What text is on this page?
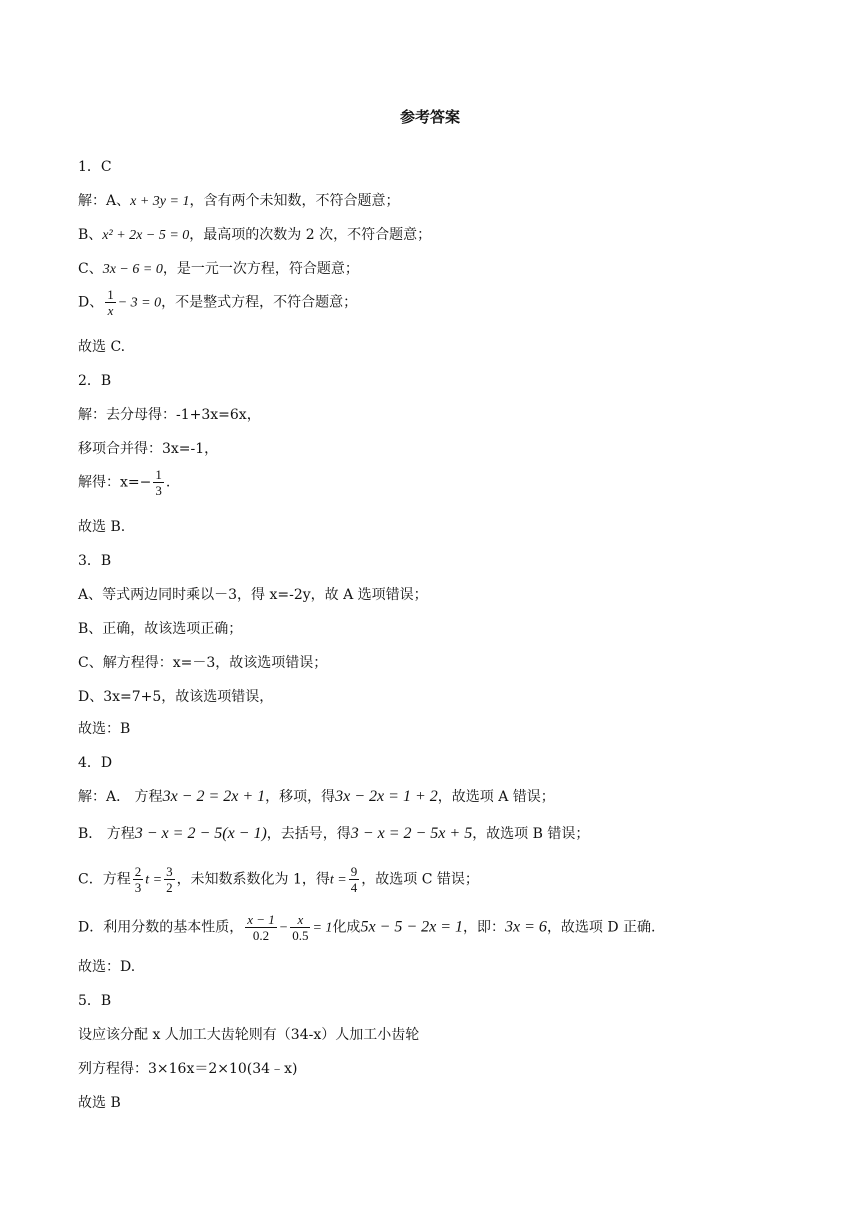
参考答案
1．C
解：A、x + 3y = 1，含有两个未知数，不符合题意；
B、x² + 2x − 5 = 0，最高项的次数为 2 次，不符合题意；
C、3x − 6 = 0，是一元一次方程，符合题意；
D、 $\frac{1}{x} - 3 = 0$，不是整式方程，不符合题意；
故选 C.
2．B
解：去分母得：-1+3x=6x，
移项合并得：3x=-1，
解得：$x=- \frac{1}{3}$ .
故选 B.
3．B
A、等式两边同时乘以－3，得 x=-2y，故 A 选项错误；
B、正确，故该选项正确；
C、解方程得：x=－3，故该选项错误；
D、3x=7+5，故该选项错误，
故选：B
4．D
解：A． 方程3x − 2 = 2x + 1，移项，得3x − 2x = 1 + 2，故选项 A 错误；
B． 方程3 − x = 2 − 5(x − 1)，去括号，得3 − x = 2 − 5x + 5，故选项 B 错误；
C．方程 $\frac{2}{3}$ $t = \frac{3}{2}$ ，未知数系数化为 1，得$t = \frac{9}{4}$ ，故选项 C 错误；
D．利用分数的基本性质， $\frac{x - 1}{0.2} - \frac{x}{0.5} = 1$化成5x − 5 − 2x = 1，即：3x = 6，故选项 D 正确.
故选：D.
5．B
设应该分配 x 人加工大齿轮则有（34-x）人加工小齿轮
列方程得：3×16x＝2×10(34﹣x)
故选 B
